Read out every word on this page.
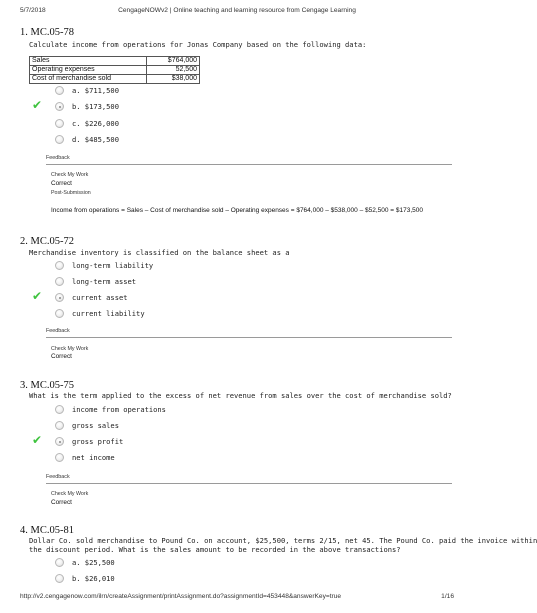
5/7/2018	CengageNOWv2 | Online teaching and learning resource from Cengage Learning
1. MC.05-78
Calculate income from operations for Jonas Company based on the following data:
Sales	$764,000
Operating expenses	52,500
Cost of merchandise sold	$38,000
a. $711,500
✔	b. $173,500
c. $226,000
d. $485,500
Feedback
Check My Work
Correct
Post-Submission
Income from operations = Sales – Cost of merchandise sold – Operating expenses = $764,000 – $538,000 – $52,500 = $173,500
2. MC.05-72
Merchandise inventory is classified on the balance sheet as a
long-term liability
long-term asset
✔	current asset
current liability
Feedback
Check My Work
Correct
3. MC.05-75
What is the term applied to the excess of net revenue from sales over the cost of merchandise sold?
income from operations
gross sales
✔	gross profit
net income
Feedback
Check My Work
Correct
4. MC.05-81
Dollar Co. sold merchandise to Pound Co. on account, $25,500, terms 2/15, net 45. The Pound Co. paid the invoice within
the discount period. What is the sales amount to be recorded in the above transactions?
a. $25,500
b. $26,010
http://v2.cengagenow.com/ilrn/createAssignment/printAssignment.do?assignmentId=453448&answerKey=true	1/16
